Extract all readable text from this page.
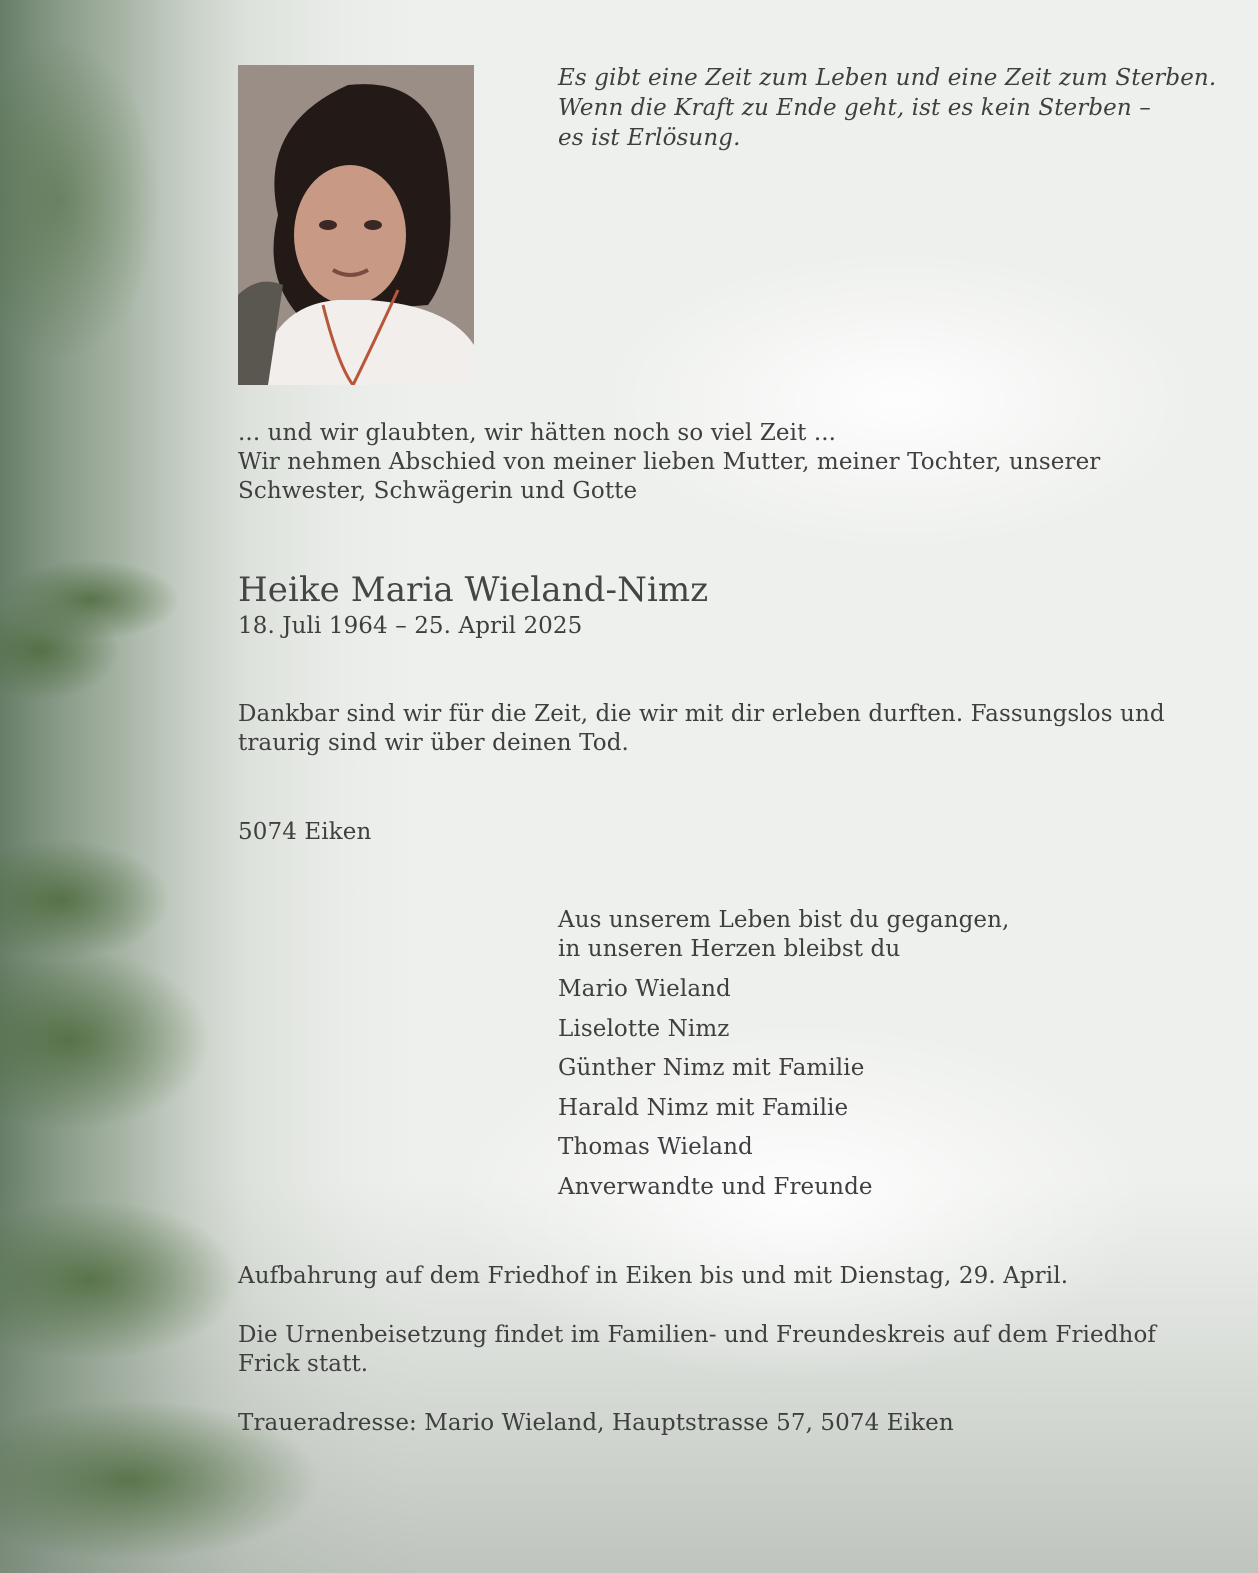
Es gibt eine Zeit zum Leben und eine Zeit zum Sterben.
Wenn die Kraft zu Ende geht, ist es kein Sterben –
es ist Erlösung.
... und wir glaubten, wir hätten noch so viel Zeit ...
Wir nehmen Abschied von meiner lieben Mutter, meiner Tochter, unserer
Schwester, Schwägerin und Gotte
Heike Maria Wieland-Nimz
18. Juli 1964 – 25. April 2025
Dankbar sind wir für die Zeit, die wir mit dir erleben durften. Fassungslos und
traurig sind wir über deinen Tod.
5074 Eiken
Aus unserem Leben bist du gegangen,
in unseren Herzen bleibst du
Mario Wieland
Liselotte Nimz
Günther Nimz mit Familie
Harald Nimz mit Familie
Thomas Wieland
Anverwandte und Freunde
Aufbahrung auf dem Friedhof in Eiken bis und mit Dienstag, 29. April.
Die Urnenbeisetzung findet im Familien- und Freundeskreis auf dem Friedhof
Frick statt.
Traueradresse: Mario Wieland, Hauptstrasse 57, 5074 Eiken
